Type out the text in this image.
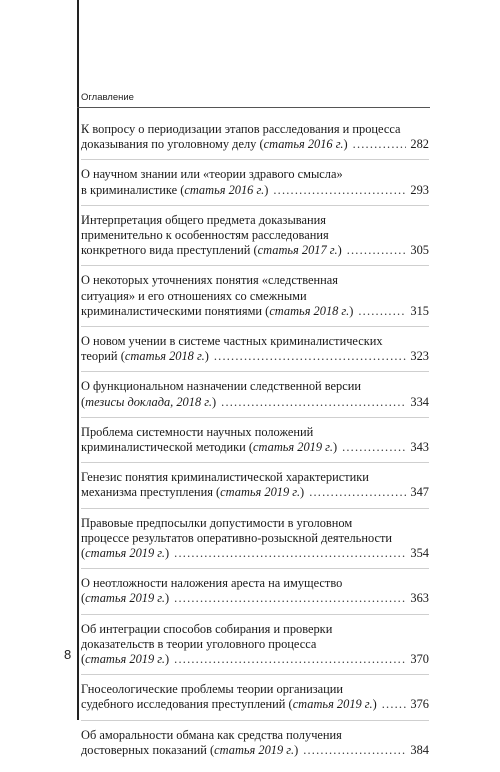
Оглавление
К вопросу о периодизации этапов расследования и процесса
доказывания по уголовному делу (статья 2016 г.) .....	282
О научном знании или «теории здравого смысла»
в криминалистике (статья 2016 г.) .....	293
Интерпретация общего предмета доказывания
применительно к особенностям расследования
конкретного вида преступлений (статья 2017 г.) .....	305
О некоторых уточнениях понятия «следственная
ситуация» и его отношениях со смежными
криминалистическими понятиями (статья 2018 г.) .....	315
О новом учении в системе частных криминалистических
теорий (статья 2018 г.) .....	323
О функциональном назначении следственной версии
(тезисы доклада, 2018 г.) .....	334
Проблема системности научных положений
криминалистической методики (статья 2019 г.) .....	343
Генезис понятия криминалистической характеристики
механизма преступления (статья 2019 г.) .....	347
Правовые предпосылки допустимости в уголовном
процессе результатов оперативно-розыскной деятельности
(статья 2019 г.) .....	354
О неотложности наложения ареста на имущество
(статья 2019 г.) .....	363
Об интеграции способов собирания и проверки
доказательств в теории уголовного процесса
(статья 2019 г.) .....	370
Гносеологические проблемы теории организации
судебного исследования преступлений (статья 2019 г.) .....	376
Об аморальности обмана как средства получения
достоверных показаний (статья 2019 г.) .....	384
8
